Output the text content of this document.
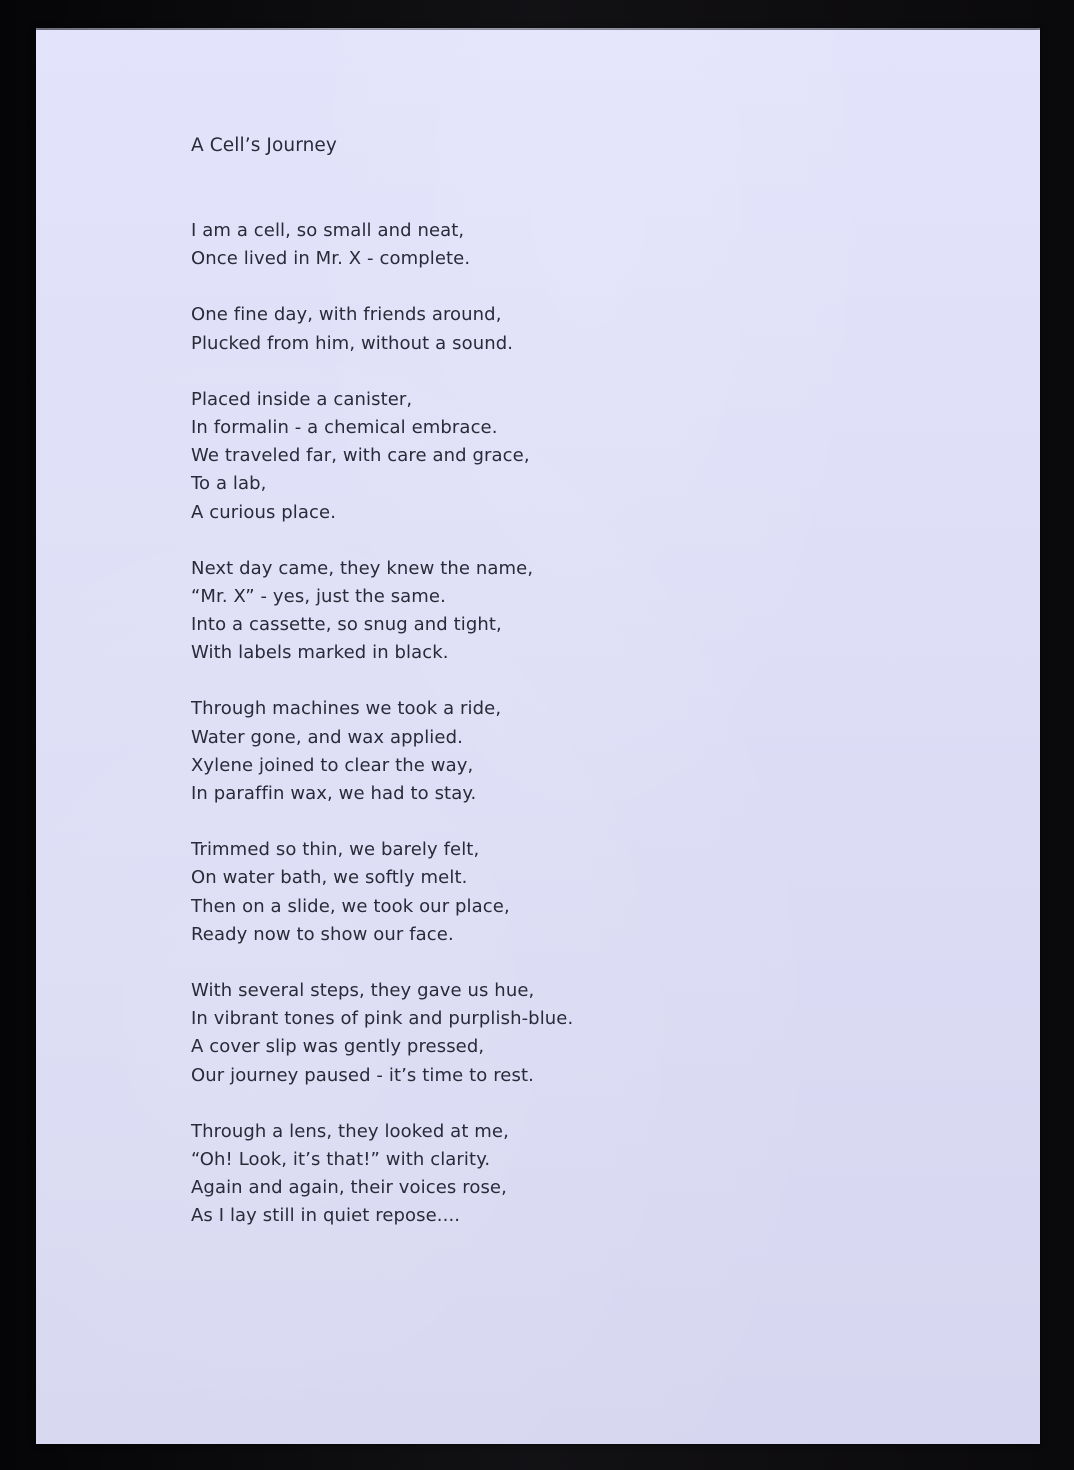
A Cell’s Journey
I am a cell, so small and neat,
Once lived in Mr. X - complete.
One fine day, with friends around,
Plucked from him, without a sound.
Placed inside a canister,
In formalin - a chemical embrace.
We traveled far, with care and grace,
To a lab,
A curious place.
Next day came, they knew the name,
“Mr. X” - yes, just the same.
Into a cassette, so snug and tight,
With labels marked in black.
Through machines we took a ride,
Water gone, and wax applied.
Xylene joined to clear the way,
In paraffin wax, we had to stay.
Trimmed so thin, we barely felt,
On water bath, we softly melt.
Then on a slide, we took our place,
Ready now to show our face.
With several steps, they gave us hue,
In vibrant tones of pink and purplish-blue.
A cover slip was gently pressed,
Our journey paused - it’s time to rest.
Through a lens, they looked at me,
“Oh! Look, it’s that!” with clarity.
Again and again, their voices rose,
As I lay still in quiet repose....
